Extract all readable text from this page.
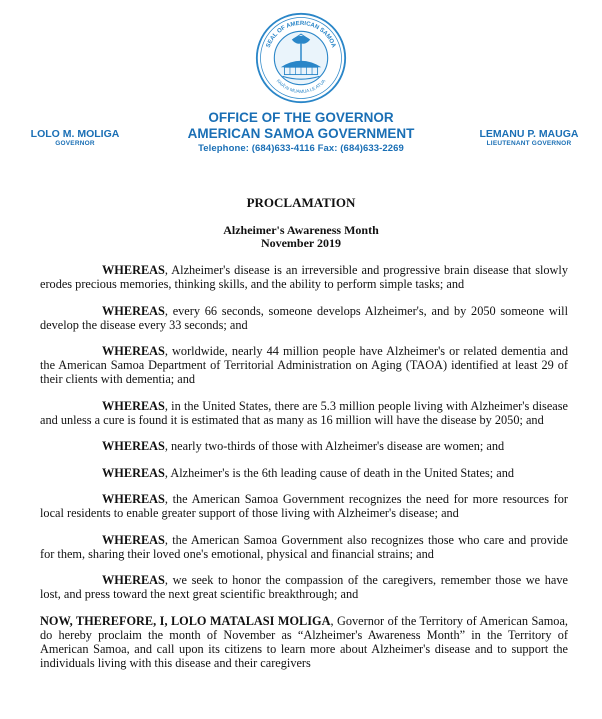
SEAL OF AMERICAN SAMOA
FAIĀ'AI MUAMUA LE ATUA
OFFICE OF THE GOVERNOR
AMERICAN SAMOA GOVERNMENT
Telephone: (684)633-4116 Fax: (684)633-2269
LOLO M. MOLIGA
GOVERNOR
LEMANU P. MAUGA
LIEUTENANT GOVERNOR
PROCLAMATION
Alzheimer's Awareness Month
November 2019

WHEREAS, Alzheimer's disease is an irreversible and progressive brain disease that slowly erodes precious memories, thinking skills, and the ability to perform simple tasks; and

WHEREAS, every 66 seconds, someone develops Alzheimer's, and by 2050 someone will develop the disease every 33 seconds; and

WHEREAS, worldwide, nearly 44 million people have Alzheimer's or related dementia and the American Samoa Department of Territorial Administration on Aging (TAOA) identified at least 29 of their clients with dementia; and

WHEREAS, in the United States, there are 5.3 million people living with Alzheimer's disease and unless a cure is found it is estimated that as many as 16 million will have the disease by 2050; and

WHEREAS, nearly two-thirds of those with Alzheimer's disease are women; and

WHEREAS, Alzheimer's is the 6th leading cause of death in the United States; and

WHEREAS, the American Samoa Government recognizes the need for more resources for local residents to enable greater support of those living with Alzheimer's disease; and

WHEREAS, the American Samoa Government also recognizes those who care and provide for them, sharing their loved one's emotional, physical and financial strains; and

WHEREAS, we seek to honor the compassion of the caregivers, remember those we have lost, and press toward the next great scientific breakthrough; and

NOW, THEREFORE, I, LOLO MATALASI MOLIGA, Governor of the Territory of American Samoa, do hereby proclaim the month of November as “Alzheimer's Awareness Month” in the Territory of American Samoa, and call upon its citizens to learn more about Alzheimer's disease and to support the individuals living with this disease and their caregivers
